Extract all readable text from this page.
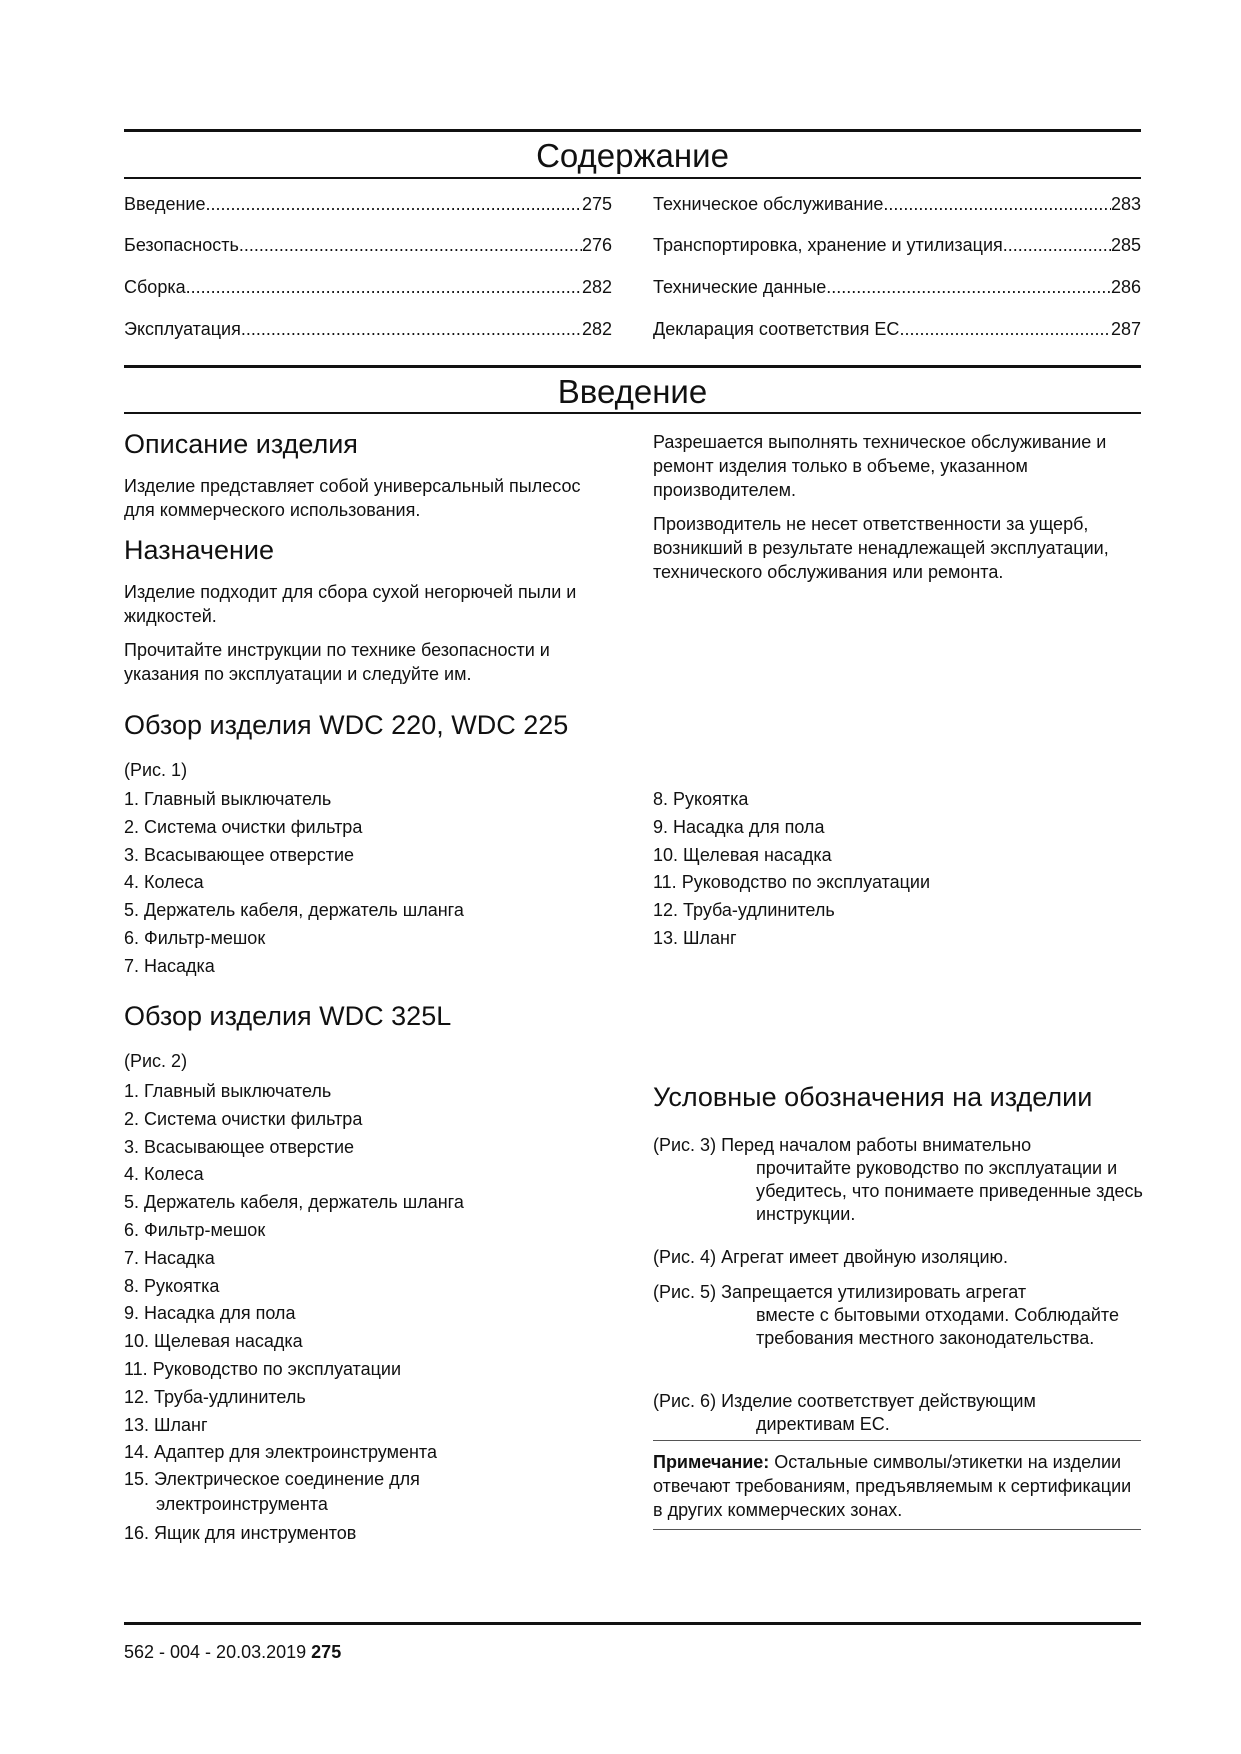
Содержание
Введение .....	275
Безопасность .....	276
Сборка .....	282
Эксплуатация .....	282
Техническое обслуживание .....	283
Транспортировка, хранение и утилизация .....	285
Технические данные .....	286
Декларация соответствия ЕС .....	287
Введение
Описание изделия
Изделие представляет собой универсальный пылесос для коммерческого использования.
Назначение
Изделие подходит для сбора сухой негорючей пыли и жидкостей.
Прочитайте инструкции по технике безопасности и указания по эксплуатации и следуйте им.
Разрешается выполнять техническое обслуживание и ремонт изделия только в объеме, указанном производителем.
Производитель не несет ответственности за ущерб, возникший в результате ненадлежащей эксплуатации, технического обслуживания или ремонта.
Обзор изделия WDC 220, WDC 225
(Рис. 1)
1. Главный выключатель
2. Система очистки фильтра
3. Всасывающее отверстие
4. Колеса
5. Держатель кабеля, держатель шланга
6. Фильтр-мешок
7. Насадка
8. Рукоятка
9. Насадка для пола
10. Щелевая насадка
11. Руководство по эксплуатации
12. Труба-удлинитель
13. Шланг
Обзор изделия WDC 325L
(Рис. 2)
1. Главный выключатель
2. Система очистки фильтра
3. Всасывающее отверстие
4. Колеса
5. Держатель кабеля, держатель шланга
6. Фильтр-мешок
7. Насадка
8. Рукоятка
9. Насадка для пола
10. Щелевая насадка
11. Руководство по эксплуатации
12. Труба-удлинитель
13. Шланг
14. Адаптер для электроинструмента
15. Электрическое соединение для электроинструмента
16. Ящик для инструментов
Условные обозначения на изделии
(Рис. 3) Перед началом работы внимательно
прочитайте руководство по эксплуатации и убедитесь, что понимаете приведенные здесь инструкции.
(Рис. 4) Агрегат имеет двойную изоляцию.
(Рис. 5) Запрещается утилизировать агрегат
вместе с бытовыми отходами. Соблюдайте требования местного законодательства.
(Рис. 6) Изделие соответствует действующим
директивам ЕС.
Примечание: Остальные символы/этикетки на изделии отвечают требованиям, предъявляемым к сертификации в других коммерческих зонах.
562 - 004 - 20.03.2019 275
